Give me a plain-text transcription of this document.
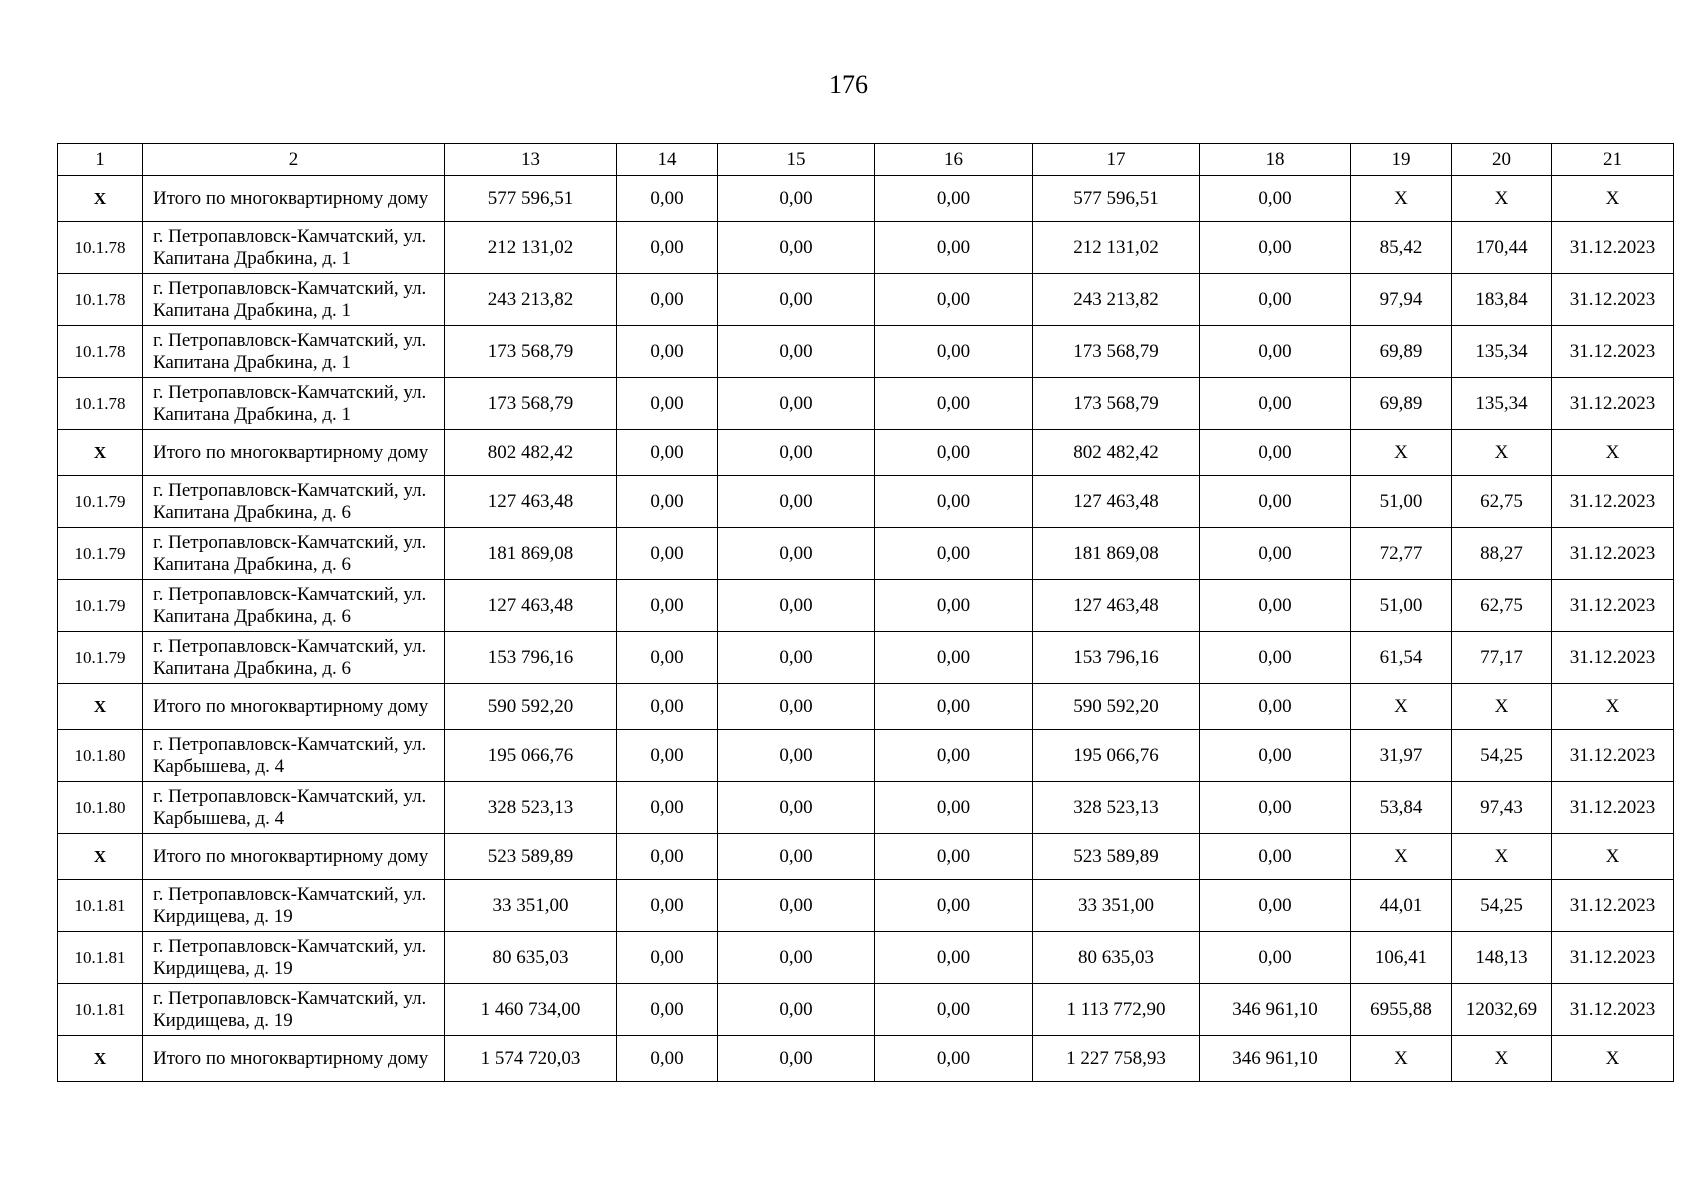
176
1	2	13	14	15	16	17	18	19	20	21
X	Итого по многоквартирному дому	577 596,51	0,00	0,00	0,00	577 596,51	0,00	X	X	X
10.1.78	г. Петропавловск-Камчатский, ул. Капитана Драбкина, д. 1	212 131,02	0,00	0,00	0,00	212 131,02	0,00	85,42	170,44	31.12.2023
10.1.78	г. Петропавловск-Камчатский, ул. Капитана Драбкина, д. 1	243 213,82	0,00	0,00	0,00	243 213,82	0,00	97,94	183,84	31.12.2023
10.1.78	г. Петропавловск-Камчатский, ул. Капитана Драбкина, д. 1	173 568,79	0,00	0,00	0,00	173 568,79	0,00	69,89	135,34	31.12.2023
10.1.78	г. Петропавловск-Камчатский, ул. Капитана Драбкина, д. 1	173 568,79	0,00	0,00	0,00	173 568,79	0,00	69,89	135,34	31.12.2023
X	Итого по многоквартирному дому	802 482,42	0,00	0,00	0,00	802 482,42	0,00	X	X	X
10.1.79	г. Петропавловск-Камчатский, ул. Капитана Драбкина, д. 6	127 463,48	0,00	0,00	0,00	127 463,48	0,00	51,00	62,75	31.12.2023
10.1.79	г. Петропавловск-Камчатский, ул. Капитана Драбкина, д. 6	181 869,08	0,00	0,00	0,00	181 869,08	0,00	72,77	88,27	31.12.2023
10.1.79	г. Петропавловск-Камчатский, ул. Капитана Драбкина, д. 6	127 463,48	0,00	0,00	0,00	127 463,48	0,00	51,00	62,75	31.12.2023
10.1.79	г. Петропавловск-Камчатский, ул. Капитана Драбкина, д. 6	153 796,16	0,00	0,00	0,00	153 796,16	0,00	61,54	77,17	31.12.2023
X	Итого по многоквартирному дому	590 592,20	0,00	0,00	0,00	590 592,20	0,00	X	X	X
10.1.80	г. Петропавловск-Камчатский, ул. Карбышева, д. 4	195 066,76	0,00	0,00	0,00	195 066,76	0,00	31,97	54,25	31.12.2023
10.1.80	г. Петропавловск-Камчатский, ул. Карбышева, д. 4	328 523,13	0,00	0,00	0,00	328 523,13	0,00	53,84	97,43	31.12.2023
X	Итого по многоквартирному дому	523 589,89	0,00	0,00	0,00	523 589,89	0,00	X	X	X
10.1.81	г. Петропавловск-Камчатский, ул. Кирдищева, д. 19	33 351,00	0,00	0,00	0,00	33 351,00	0,00	44,01	54,25	31.12.2023
10.1.81	г. Петропавловск-Камчатский, ул. Кирдищева, д. 19	80 635,03	0,00	0,00	0,00	80 635,03	0,00	106,41	148,13	31.12.2023
10.1.81	г. Петропавловск-Камчатский, ул. Кирдищева, д. 19	1 460 734,00	0,00	0,00	0,00	1 113 772,90	346 961,10	6955,88	12032,69	31.12.2023
X	Итого по многоквартирному дому	1 574 720,03	0,00	0,00	0,00	1 227 758,93	346 961,10	X	X	X
